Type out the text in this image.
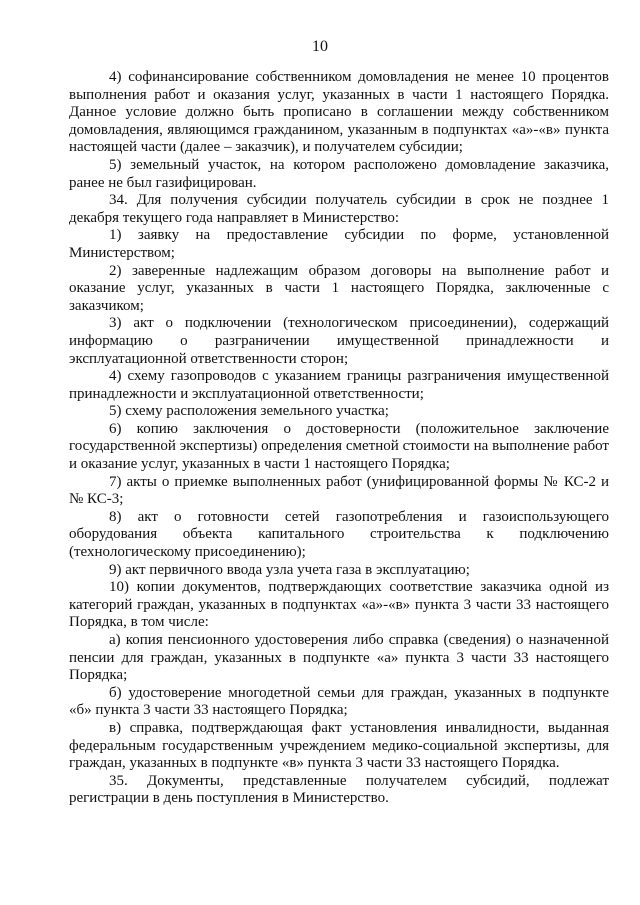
10

4) софинансирование собственником домовладения не менее 10 процентов выполнения работ и оказания услуг, указанных в части 1 настоящего Порядка. Данное условие должно быть прописано в соглашении между собственником домовладения, являющимся гражданином, указанным в подпунктах «а»-«в» пункта настоящей части (далее – заказчик), и получателем субсидии;

5) земельный участок, на котором расположено домовладение заказчика, ранее не был газифицирован.

34. Для получения субсидии получатель субсидии в срок не позднее 1 декабря текущего года направляет в Министерство:

1) заявку на предоставление субсидии по форме, установленной Министерством;

2) заверенные надлежащим образом договоры на выполнение работ и оказание услуг, указанных в части 1 настоящего Порядка, заключенные с заказчиком;

3) акт о подключении (технологическом присоединении), содержащий информацию о разграничении имущественной принадлежности и эксплуатационной ответственности сторон;

4) схему газопроводов с указанием границы разграничения имущественной принадлежности и эксплуатационной ответственности;

5) схему расположения земельного участка;

6) копию заключения о достоверности (положительное заключение государственной экспертизы) определения сметной стоимости на выполнение работ и оказание услуг, указанных в части 1 настоящего Порядка;

7) акты о приемке выполненных работ (унифицированной формы № КС-2 и № КС-3;

8) акт о готовности сетей газопотребления и газоиспользующего оборудования объекта капитального строительства к подключению (технологическому присоединению);

9) акт первичного ввода узла учета газа в эксплуатацию;

10) копии документов, подтверждающих соответствие заказчика одной из категорий граждан, указанных в подпунктах «а»-«в» пункта 3 части 33 настоящего Порядка, в том числе:

а) копия пенсионного удостоверения либо справка (сведения) о назначенной пенсии для граждан, указанных в подпункте «а» пункта 3 части 33 настоящего Порядка;

б) удостоверение многодетной семьи для граждан, указанных в подпункте «б» пункта 3 части 33 настоящего Порядка;

в) справка, подтверждающая факт установления инвалидности, выданная федеральным государственным учреждением медико-социальной экспертизы, для граждан, указанных в подпункте «в» пункта 3 части 33 настоящего Порядка.

35. Документы, представленные получателем субсидий, подлежат регистрации в день поступления в Министерство.
